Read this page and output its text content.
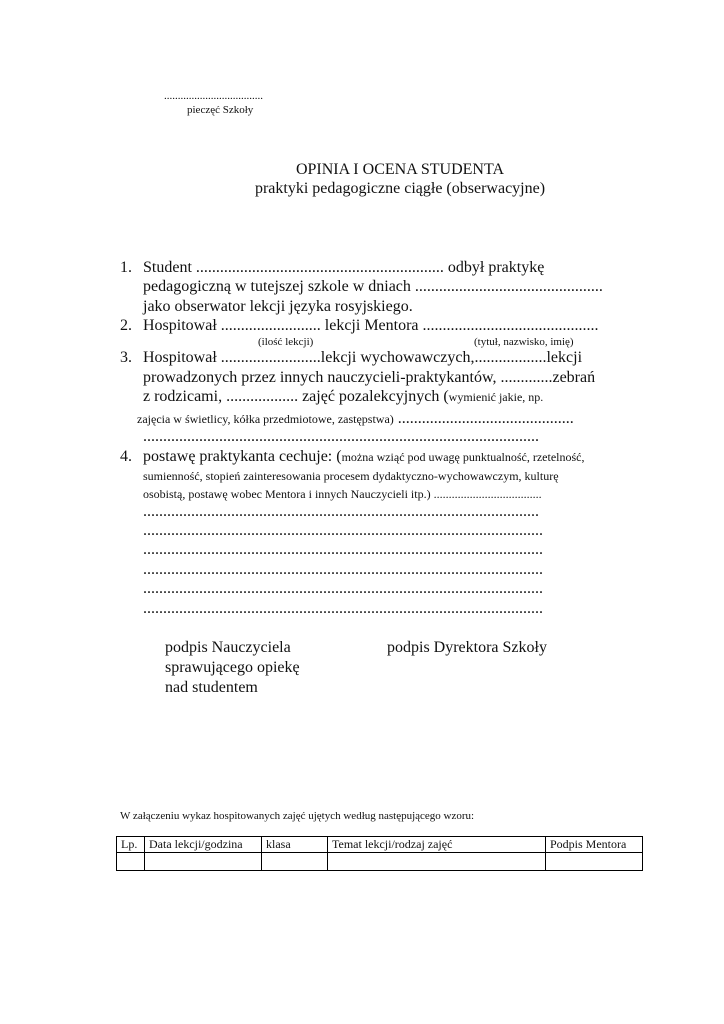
....................................
pieczęć Szkoły
OPINIA I OCENA STUDENTA
praktyki pedagogiczne ciągłe (obserwacyjne)
1. Student .............................................................. odbył praktykę
pedagogiczną w tutejszej szkole w dniach ...............................................
jako obserwator lekcji języka rosyjskiego.
2. Hospitował ......................... lekcji Mentora ............................................
(ilość lekcji)	(tytuł, nazwisko, imię)
3. Hospitował .........................lekcji wychowawczych,..................lekcji
prowadzonych przez innych nauczycieli-praktykantów, .............zebrań
z rodzicami, .................. zajęć pozalekcyjnych (wymienić jakie, np.
zajęcia w świetlicy, kółka przedmiotowe, zastępstwa) ............................................
...................................................................................................
4. postawę praktykanta cechuje: (można wziąć pod uwagę punktualność, rzetelność,
sumienność, stopień zainteresowania procesem dydaktyczno-wychowawczym, kulturę
osobistą, postawę wobec Mentora i innych Nauczycieli itp.) ....................................
...................................................................................................
....................................................................................................
....................................................................................................
....................................................................................................
....................................................................................................
....................................................................................................
podpis Nauczyciela
sprawującego opiekę
nad studentem
podpis Dyrektora Szkoły
W załączeniu wykaz hospitowanych zajęć ujętych według następującego wzoru:
Lp.	Data lekcji/godzina	klasa	Temat lekcji/rodzaj zajęć	Podpis Mentora
